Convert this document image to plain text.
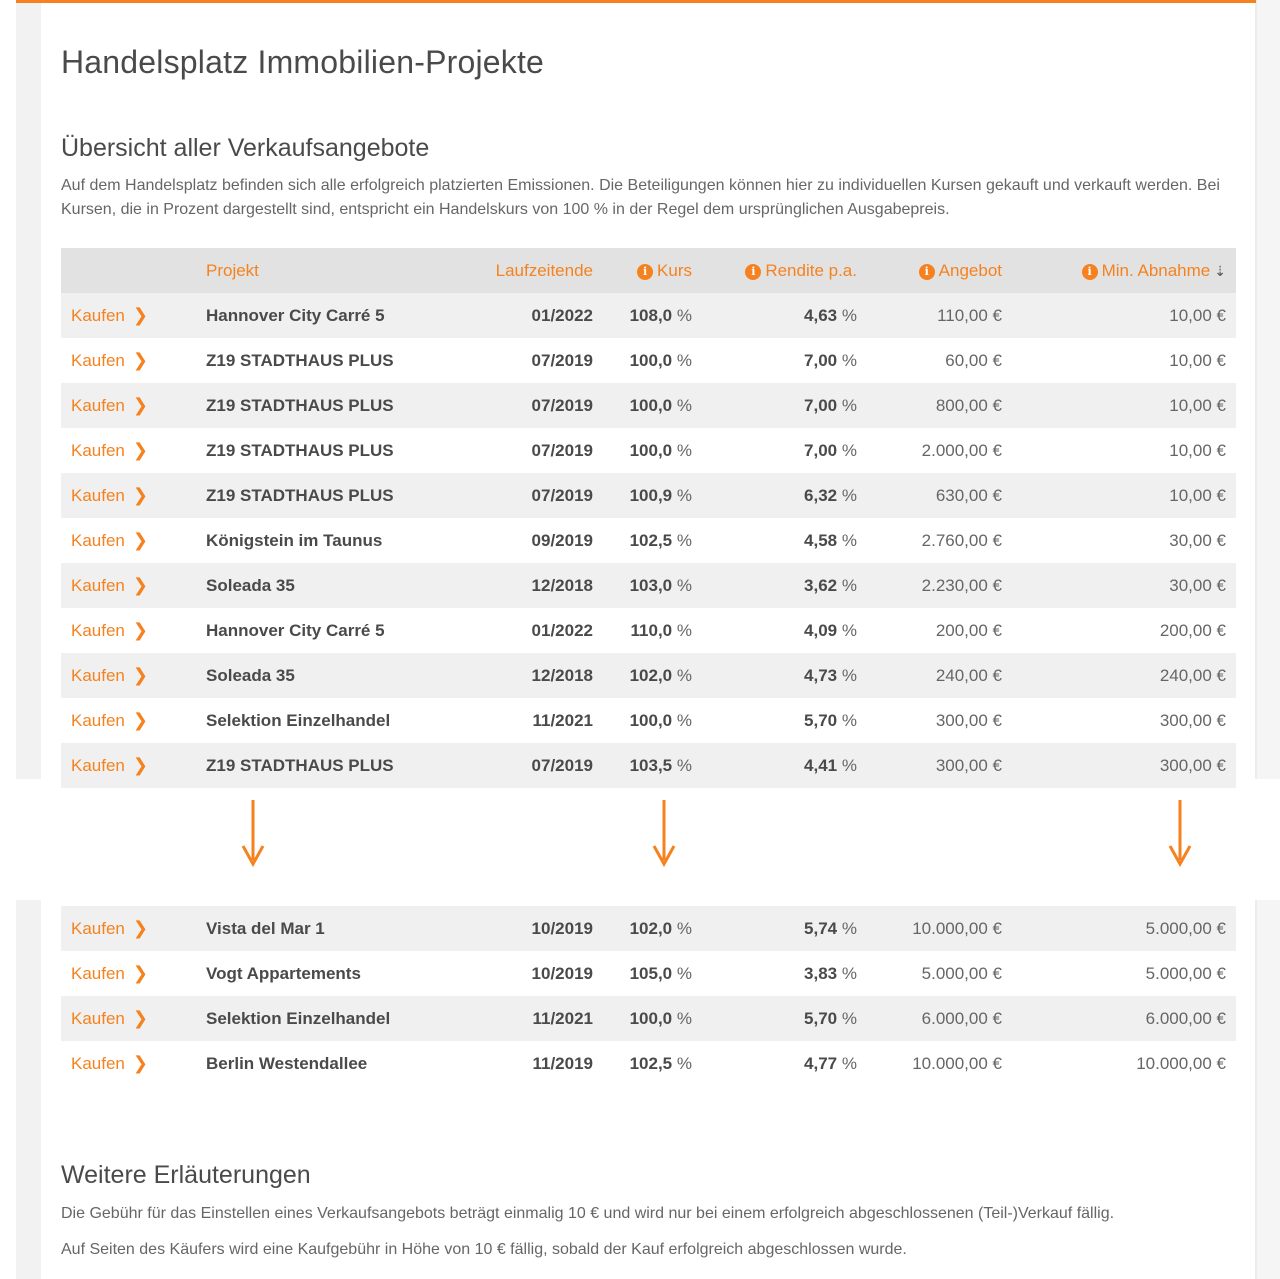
Handelsplatz Immobilien-Projekte
Übersicht aller Verkaufsangebote

Auf dem Handelsplatz befinden sich alle erfolgreich platzierten Emissionen. Die Beteiligungen können hier zu individuellen Kursen gekauft und verkauft werden. Bei Kursen, die in Prozent dargestellt sind, entspricht ein Handelskurs von 100 % in der Regel dem ursprünglichen Ausgabepreis.

	Projekt	Laufzeitende	i Kurs	i Rendite p.a.	i Angebot	i Min. Abnahme ⇣
Kaufen ❯	Hannover City Carré 5	01/2022	108,0 %	4,63 %	110,00 €	10,00 €
Kaufen ❯	Z19 STADTHAUS PLUS	07/2019	100,0 %	7,00 %	60,00 €	10,00 €
Kaufen ❯	Z19 STADTHAUS PLUS	07/2019	100,0 %	7,00 %	800,00 €	10,00 €
Kaufen ❯	Z19 STADTHAUS PLUS	07/2019	100,0 %	7,00 %	2.000,00 €	10,00 €
Kaufen ❯	Z19 STADTHAUS PLUS	07/2019	100,9 %	6,32 %	630,00 €	10,00 €
Kaufen ❯	Königstein im Taunus	09/2019	102,5 %	4,58 %	2.760,00 €	30,00 €
Kaufen ❯	Soleada 35	12/2018	103,0 %	3,62 %	2.230,00 €	30,00 €
Kaufen ❯	Hannover City Carré 5	01/2022	110,0 %	4,09 %	200,00 €	200,00 €
Kaufen ❯	Soleada 35	12/2018	102,0 %	4,73 %	240,00 €	240,00 €
Kaufen ❯	Selektion Einzelhandel	11/2021	100,0 %	5,70 %	300,00 €	300,00 €
Kaufen ❯	Z19 STADTHAUS PLUS	07/2019	103,5 %	4,41 %	300,00 €	300,00 €
Kaufen ❯	Vista del Mar 1	10/2019	102,0 %	5,74 %	10.000,00 €	5.000,00 €
Kaufen ❯	Vogt Appartements	10/2019	105,0 %	3,83 %	5.000,00 €	5.000,00 €
Kaufen ❯	Selektion Einzelhandel	11/2021	100,0 %	5,70 %	6.000,00 €	6.000,00 €
Kaufen ❯	Berlin Westendallee	11/2019	102,5 %	4,77 %	10.000,00 €	10.000,00 €
Weitere Erläuterungen

Die Gebühr für das Einstellen eines Verkaufsangebots beträgt einmalig 10 € und wird nur bei einem erfolgreich abgeschlossenen (Teil-)Verkauf fällig.

Auf Seiten des Käufers wird eine Kaufgebühr in Höhe von 10 € fällig, sobald der Kauf erfolgreich abgeschlossen wurde.
